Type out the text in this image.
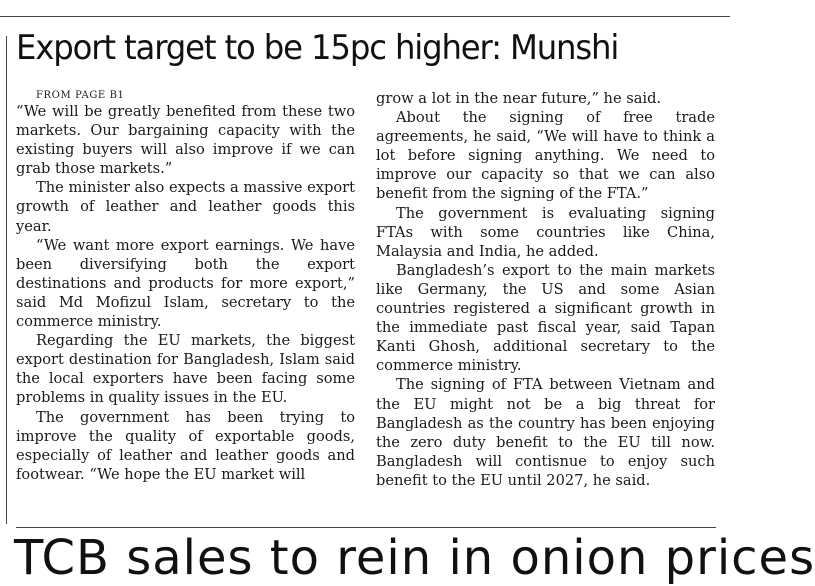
Export target to be 15pc higher: Munshi

FROM PAGE B1

“We will be greatly benefited from these two markets. Our bargaining capacity with the existing buyers will also improve if we can grab those markets.”

The minister also expects a massive export growth of leather and leather goods this year.

“We want more export earnings. We have been diversifying both the export destinations and products for more export,” said Md Mofizul Islam, secretary to the commerce ministry.

Regarding the EU markets, the biggest export destination for Bangladesh, Islam said the local exporters have been facing some problems in quality issues in the EU.

The government has been trying to improve the quality of exportable goods, especially of leather and leather goods and footwear. “We hope the EU market will

grow a lot in the near future,” he said.

About the signing of free trade agreements, he said, “We will have to think a lot before signing anything. We need to improve our capacity so that we can also benefit from the signing of the FTA.”

The government is evaluating signing FTAs with some countries like China, Malaysia and India, he added.

Bangladesh’s export to the main markets like Germany, the US and some Asian countries registered a significant growth in the immediate past fiscal year, said Tapan Kanti Ghosh, additional secretary to the commerce ministry.

The signing of FTA between Vietnam and the EU might not be a big threat for Bangladesh as the country has been enjoying the zero duty benefit to the EU till now. Bangladesh will contisnue to enjoy such benefit to the EU until 2027, he said.

TCB sales to rein in onion prices
